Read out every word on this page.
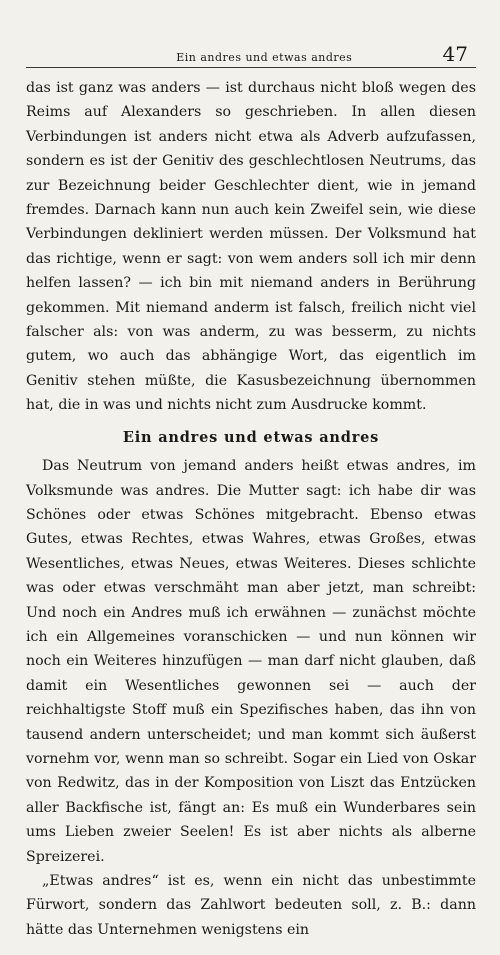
Ein andres und etwas andres	47

das ist ganz was anders — ist durchaus nicht bloß wegen des Reims auf Alexanders so geschrieben. In allen diesen Verbindungen ist anders nicht etwa als Adverb aufzufassen, sondern es ist der Genitiv des geschlechtlosen Neutrums, das zur Bezeichnung beider Geschlechter dient, wie in jemand fremdes. Darnach kann nun auch kein Zweifel sein, wie diese Verbindungen dekliniert werden müssen. Der Volksmund hat das richtige, wenn er sagt: von wem anders soll ich mir denn helfen lassen? — ich bin mit niemand anders in Berührung gekommen. Mit niemand anderm ist falsch, freilich nicht viel falscher als: von was anderm, zu was besserm, zu nichts gutem, wo auch das abhängige Wort, das eigentlich im Genitiv stehen müßte, die Kasusbezeichnung übernommen hat, die in was und nichts nicht zum Ausdrucke kommt.

Ein andres und etwas andres

Das Neutrum von jemand anders heißt etwas andres, im Volksmunde was andres. Die Mutter sagt: ich habe dir was Schönes oder etwas Schönes mitgebracht. Ebenso etwas Gutes, etwas Rechtes, etwas Wahres, etwas Großes, etwas Wesentliches, etwas Neues, etwas Weiteres. Dieses schlichte was oder etwas verschmäht man aber jetzt, man schreibt: Und noch ein Andres muß ich erwähnen — zunächst möchte ich ein Allgemeines voranschicken — und nun können wir noch ein Weiteres hinzufügen — man darf nicht glauben, daß damit ein Wesentliches gewonnen sei — auch der reichhaltigste Stoff muß ein Spezifisches haben, das ihn von tausend andern unterscheidet; und man kommt sich äußerst vornehm vor, wenn man so schreibt. Sogar ein Lied von Oskar von Redwitz, das in der Komposition von Liszt das Entzücken aller Backfische ist, fängt an: Es muß ein Wunderbares sein ums Lieben zweier Seelen! Es ist aber nichts als alberne Spreizerei.

„Etwas andres“ ist es, wenn ein nicht das unbestimmte Fürwort, sondern das Zahlwort bedeuten soll, z. B.: dann hätte das Unternehmen wenigstens ein
